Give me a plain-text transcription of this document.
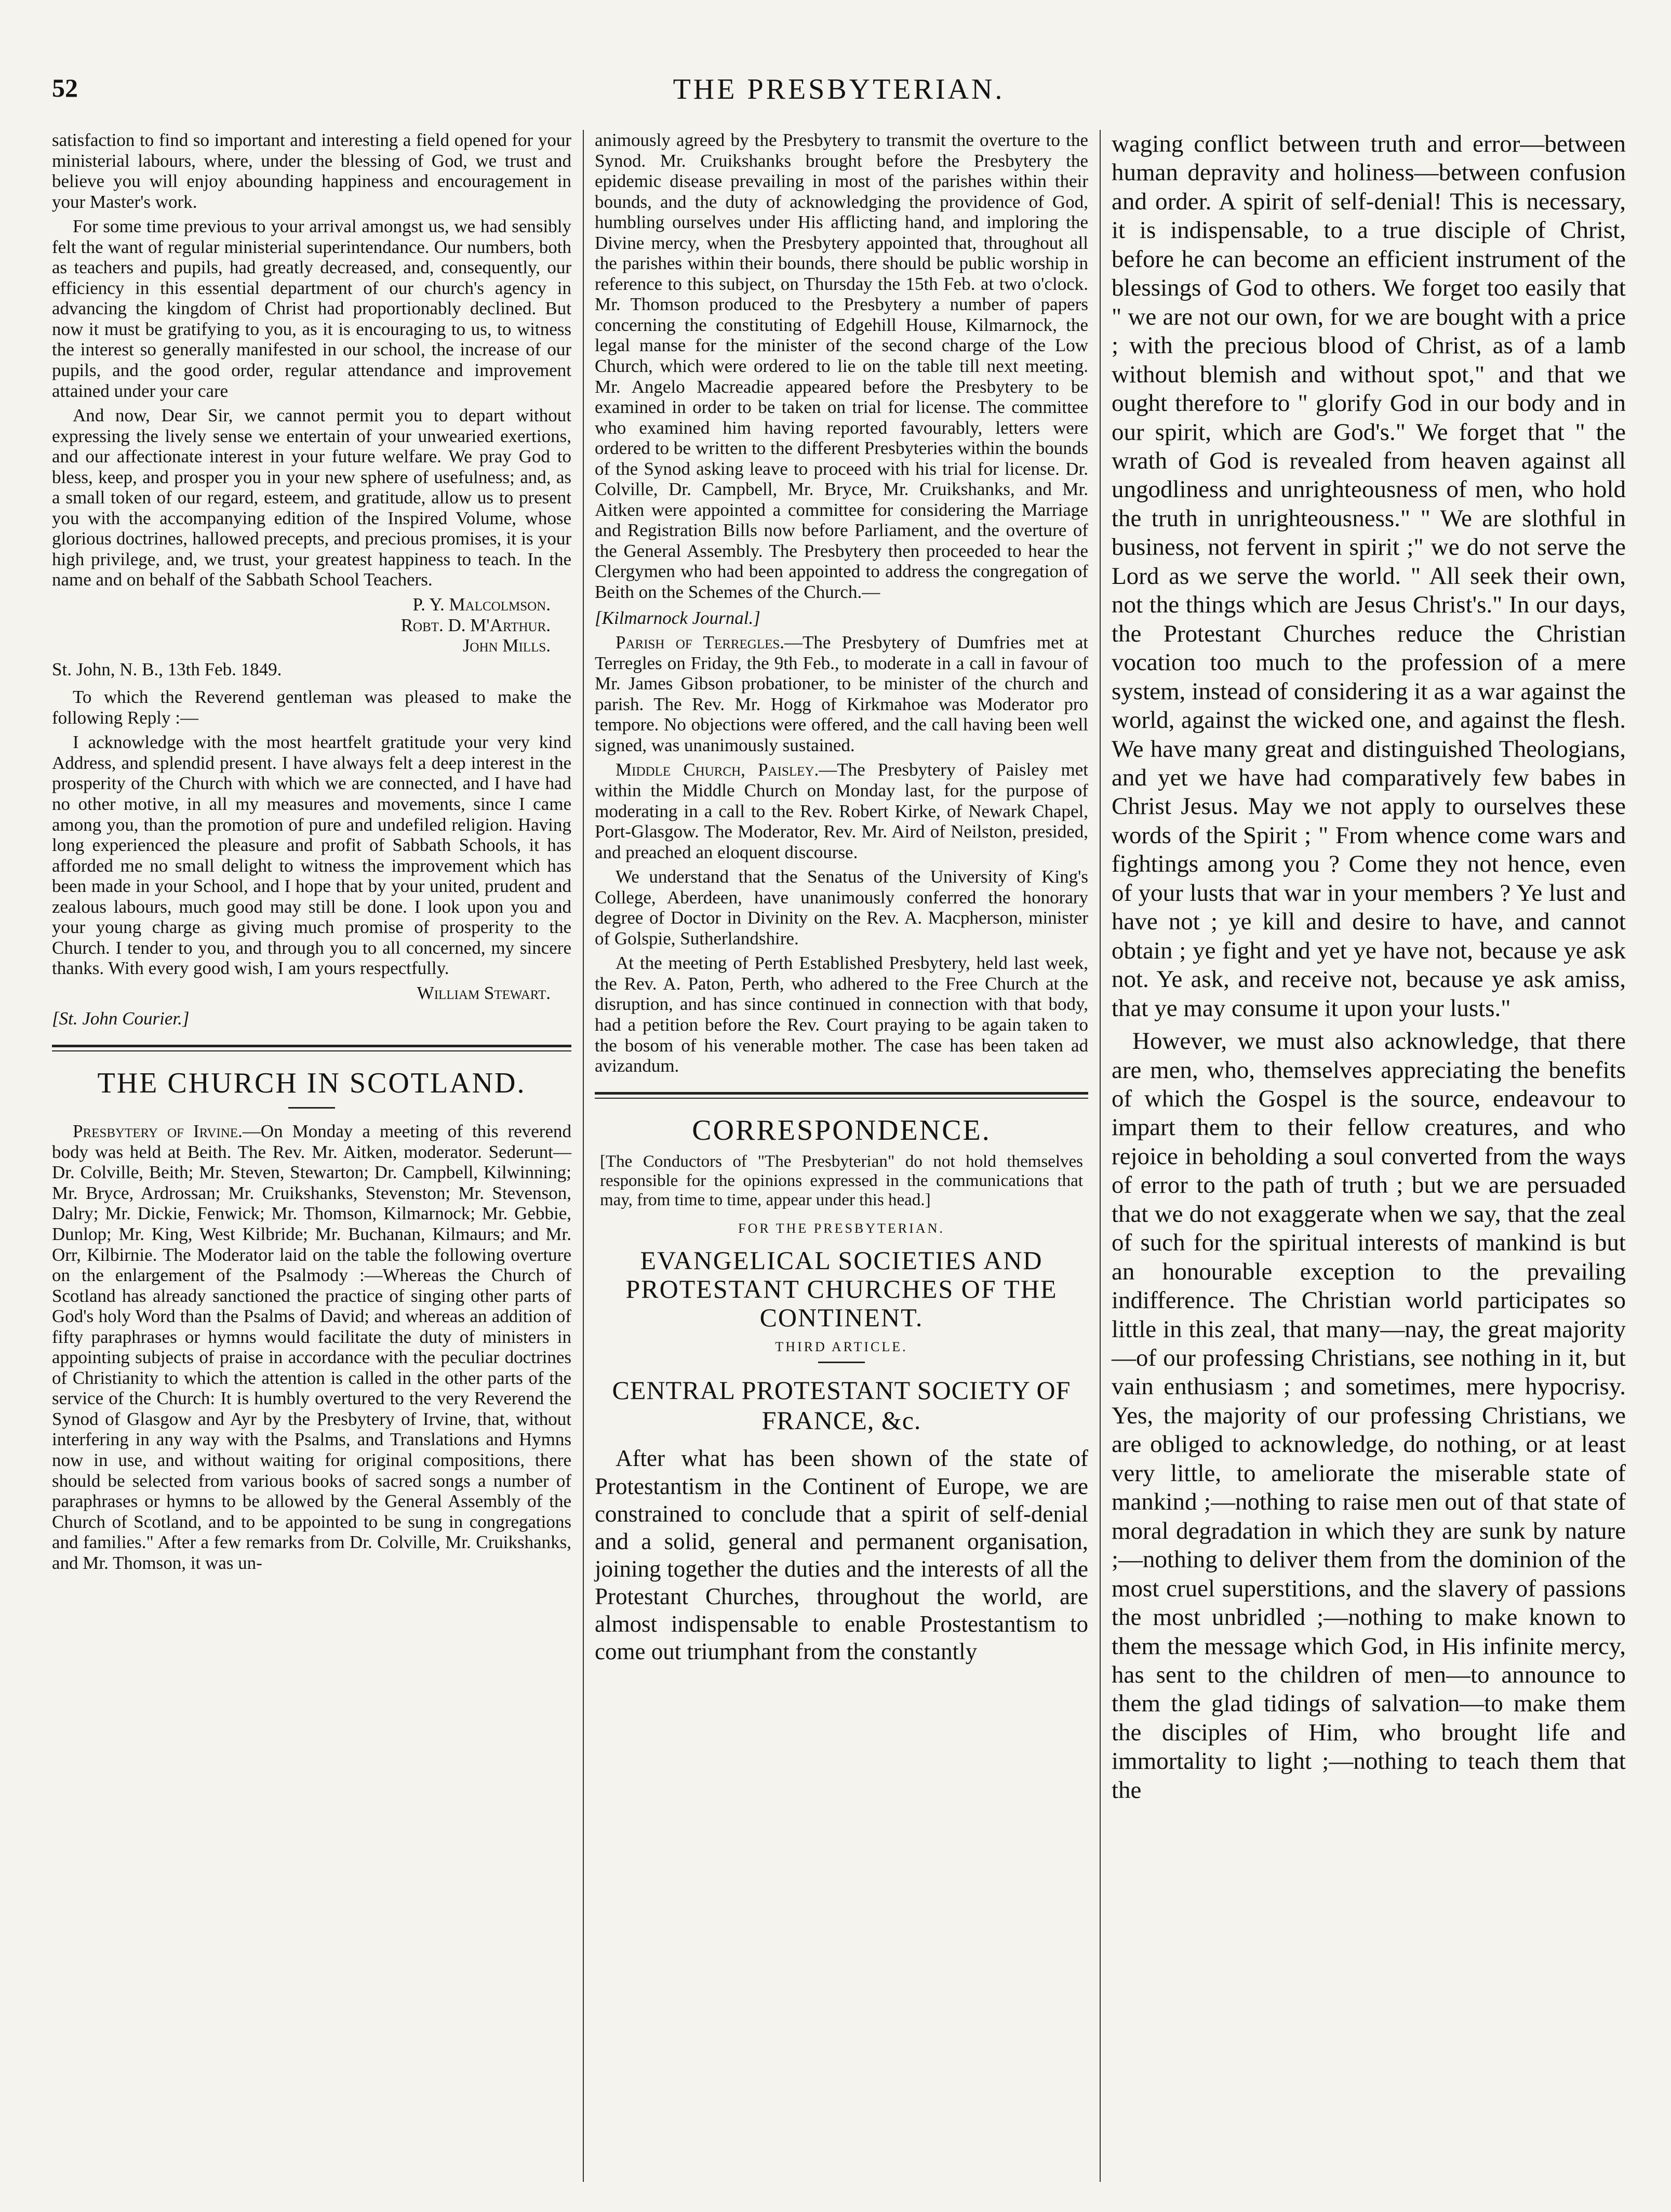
52	THE PRESBYTERIAN.

satisfaction to find so important and interesting a field opened for your ministerial labours, where, under the blessing of God, we trust and believe you will enjoy abounding happiness and encouragement in your Master's work.

For some time previous to your arrival amongst us, we had sensibly felt the want of regular ministerial superintendance. Our numbers, both as teachers and pupils, had greatly decreased, and, consequently, our efficiency in this essential department of our church's agency in advancing the kingdom of Christ had proportionably declined. But now it must be gratifying to you, as it is encouraging to us, to witness the interest so generally manifested in our school, the increase of our pupils, and the good order, regular attendance and improvement attained under your care

And now, Dear Sir, we cannot permit you to depart without expressing the lively sense we entertain of your unwearied exertions, and our affectionate interest in your future welfare. We pray God to bless, keep, and prosper you in your new sphere of usefulness; and, as a small token of our regard, esteem, and gratitude, allow us to present you with the accompanying edition of the Inspired Volume, whose glorious doctrines, hallowed precepts, and precious promises, it is your high privilege, and, we trust, your greatest happiness to teach. In the name and on behalf of the Sabbath School Teachers.

P. Y. Malcolmson.

Robt. D. M'Arthur.

John Mills.

St. John, N. B., 13th Feb. 1849.

To which the Reverend gentleman was pleased to make the following Reply :—

I acknowledge with the most heartfelt gratitude your very kind Address, and splendid present. I have always felt a deep interest in the prosperity of the Church with which we are connected, and I have had no other motive, in all my measures and movements, since I came among you, than the promotion of pure and undefiled religion. Having long experienced the pleasure and profit of Sabbath Schools, it has afforded me no small delight to witness the improvement which has been made in your School, and I hope that by your united, prudent and zealous labours, much good may still be done. I look upon you and your young charge as giving much promise of prosperity to the Church. I tender to you, and through you to all concerned, my sincere thanks. With every good wish, I am yours respectfully.

William Stewart.

[St. John Courier.]

THE CHURCH IN SCOTLAND.

Presbytery of Irvine.—On Monday a meeting of this reverend body was held at Beith. The Rev. Mr. Aitken, moderator. Sederunt—Dr. Colville, Beith; Mr. Steven, Stewarton; Dr. Campbell, Kilwinning; Mr. Bryce, Ardrossan; Mr. Cruikshanks, Stevenston; Mr. Stevenson, Dalry; Mr. Dickie, Fenwick; Mr. Thomson, Kilmarnock; Mr. Gebbie, Dunlop; Mr. King, West Kilbride; Mr. Buchanan, Kilmaurs; and Mr. Orr, Kilbirnie. The Moderator laid on the table the following overture on the enlargement of the Psalmody :—Whereas the Church of Scotland has already sanctioned the practice of singing other parts of God's holy Word than the Psalms of David; and whereas an addition of fifty paraphrases or hymns would facilitate the duty of ministers in appointing subjects of praise in accordance with the peculiar doctrines of Christianity to which the attention is called in the other parts of the service of the Church: It is humbly overtured to the very Reverend the Synod of Glasgow and Ayr by the Presbytery of Irvine, that, without interfering in any way with the Psalms, and Translations and Hymns now in use, and without waiting for original compositions, there should be selected from various books of sacred songs a number of paraphrases or hymns to be allowed by the General Assembly of the Church of Scotland, and to be appointed to be sung in congregations and families." After a few remarks from Dr. Colville, Mr. Cruikshanks, and Mr. Thomson, it was un-

animously agreed by the Presbytery to transmit the overture to the Synod. Mr. Cruikshanks brought before the Presbytery the epidemic disease prevailing in most of the parishes within their bounds, and the duty of acknowledging the providence of God, humbling ourselves under His afflicting hand, and imploring the Divine mercy, when the Presbytery appointed that, throughout all the parishes within their bounds, there should be public worship in reference to this subject, on Thursday the 15th Feb. at two o'clock. Mr. Thomson produced to the Presbytery a number of papers concerning the constituting of Edgehill House, Kilmarnock, the legal manse for the minister of the second charge of the Low Church, which were ordered to lie on the table till next meeting. Mr. Angelo Macreadie appeared before the Presbytery to be examined in order to be taken on trial for license. The committee who examined him having reported favourably, letters were ordered to be written to the different Presbyteries within the bounds of the Synod asking leave to proceed with his trial for license. Dr. Colville, Dr. Campbell, Mr. Bryce, Mr. Cruikshanks, and Mr. Aitken were appointed a committee for considering the Marriage and Registration Bills now before Parliament, and the overture of the General Assembly. The Presbytery then proceeded to hear the Clergymen who had been appointed to address the congregation of Beith on the Schemes of the Church.—

[Kilmarnock Journal.]

Parish of Terregles.—The Presbytery of Dumfries met at Terregles on Friday, the 9th Feb., to moderate in a call in favour of Mr. James Gibson probationer, to be minister of the church and parish. The Rev. Mr. Hogg of Kirkmahoe was Moderator pro tempore. No objections were offered, and the call having been well signed, was unanimously sustained.

Middle Church, Paisley.—The Presbytery of Paisley met within the Middle Church on Monday last, for the purpose of moderating in a call to the Rev. Robert Kirke, of Newark Chapel, Port-Glasgow. The Moderator, Rev. Mr. Aird of Neilston, presided, and preached an eloquent discourse.

We understand that the Senatus of the University of King's College, Aberdeen, have unanimously conferred the honorary degree of Doctor in Divinity on the Rev. A. Macpherson, minister of Golspie, Sutherlandshire.

At the meeting of Perth Established Presbytery, held last week, the Rev. A. Paton, Perth, who adhered to the Free Church at the disruption, and has since continued in connection with that body, had a petition before the Rev. Court praying to be again taken to the bosom of his venerable mother. The case has been taken ad avizandum.

CORRESPONDENCE.

[The Conductors of "The Presbyterian" do not hold themselves responsible for the opinions expressed in the communications that may, from time to time, appear under this head.]

FOR THE PRESBYTERIAN.
EVANGELICAL SOCIETIES AND PROTESTANT CHURCHES OF THE CONTINENT.
THIRD ARTICLE.
CENTRAL PROTESTANT SOCIETY OF FRANCE, &c.

After what has been shown of the state of Protestantism in the Continent of Europe, we are constrained to conclude that a spirit of self-denial and a solid, general and permanent organisation, joining together the duties and the interests of all the Protestant Churches, throughout the world, are almost indispensable to enable Prostestantism to come out triumphant from the constantly

waging conflict between truth and error—between human depravity and holiness—between confusion and order. A spirit of self-denial! This is necessary, it is indispensable, to a true disciple of Christ, before he can become an efficient instrument of the blessings of God to others. We forget too easily that " we are not our own, for we are bought with a price ; with the precious blood of Christ, as of a lamb without blemish and without spot," and that we ought therefore to " glorify God in our body and in our spirit, which are God's." We forget that " the wrath of God is revealed from heaven against all ungodliness and unrighteousness of men, who hold the truth in unrighteousness." " We are slothful in business, not fervent in spirit ;" we do not serve the Lord as we serve the world. " All seek their own, not the things which are Jesus Christ's." In our days, the Protestant Churches reduce the Christian vocation too much to the profession of a mere system, instead of considering it as a war against the world, against the wicked one, and against the flesh. We have many great and distinguished Theologians, and yet we have had comparatively few babes in Christ Jesus. May we not apply to ourselves these words of the Spirit ; " From whence come wars and fightings among you ? Come they not hence, even of your lusts that war in your members ? Ye lust and have not ; ye kill and desire to have, and cannot obtain ; ye fight and yet ye have not, because ye ask not. Ye ask, and receive not, because ye ask amiss, that ye may consume it upon your lusts."

However, we must also acknowledge, that there are men, who, themselves appreciating the benefits of which the Gospel is the source, endeavour to impart them to their fellow creatures, and who rejoice in beholding a soul converted from the ways of error to the path of truth ; but we are persuaded that we do not exaggerate when we say, that the zeal of such for the spiritual interests of mankind is but an honourable exception to the prevailing indifference. The Christian world participates so little in this zeal, that many—nay, the great majority—of our professing Christians, see nothing in it, but vain enthusiasm ; and sometimes, mere hypocrisy. Yes, the majority of our professing Christians, we are obliged to acknowledge, do nothing, or at least very little, to ameliorate the miserable state of mankind ;—nothing to raise men out of that state of moral degradation in which they are sunk by nature ;—nothing to deliver them from the dominion of the most cruel superstitions, and the slavery of passions the most unbridled ;—nothing to make known to them the message which God, in His infinite mercy, has sent to the children of men—to announce to them the glad tidings of salvation—to make them the disciples of Him, who brought life and immortality to light ;—nothing to teach them that the
